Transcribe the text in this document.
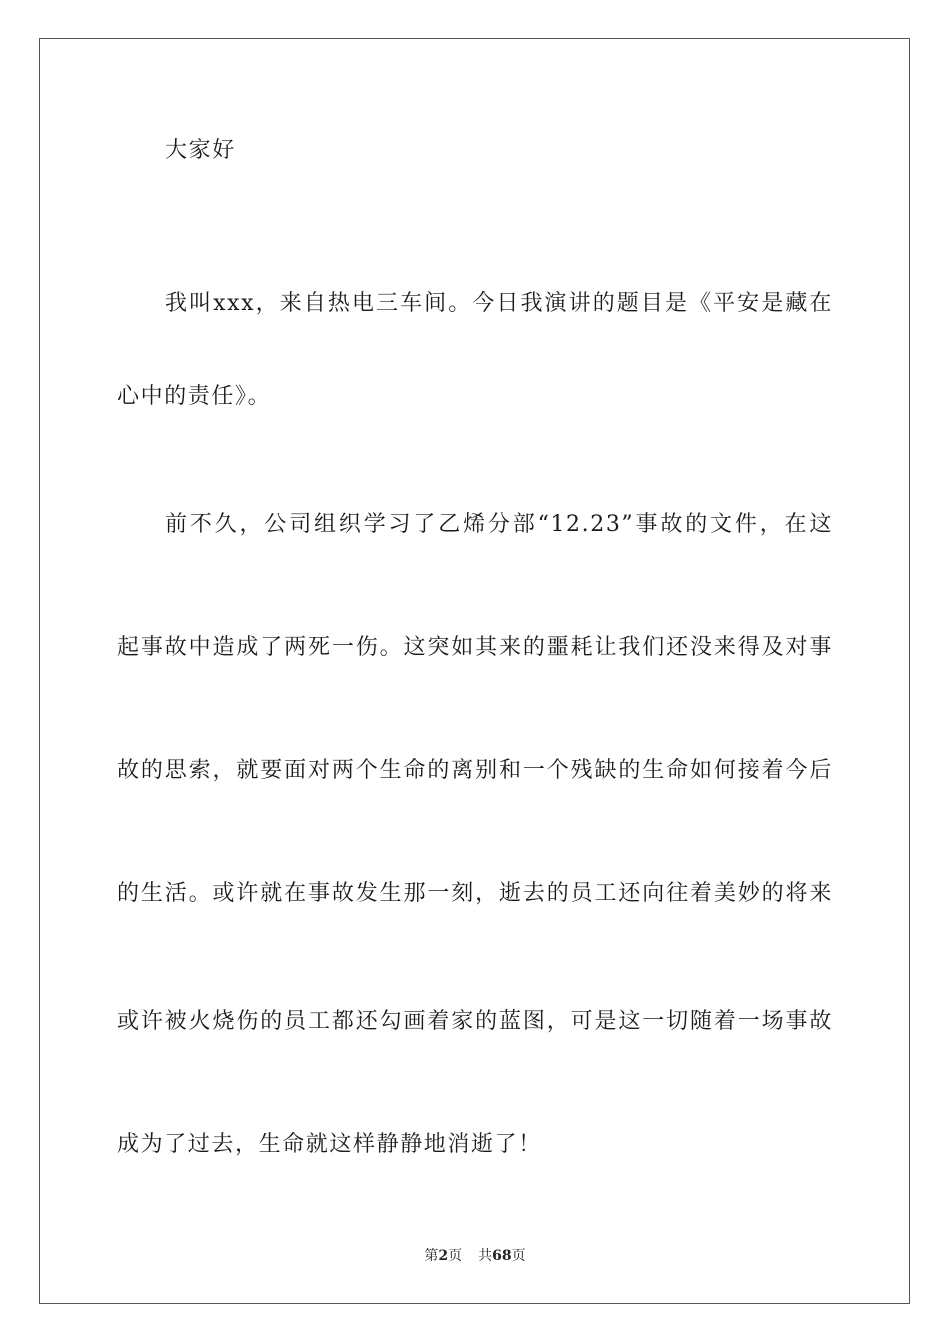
大家好
我叫xxx，来自热电三车间。今日我演讲的题目是《平安是藏在
心中的责任》。
前不久，公司组织学习了乙烯分部“12.23”事故的文件，在这
起事故中造成了两死一伤。这突如其来的噩耗让我们还没来得及对事
故的思索，就要面对两个生命的离别和一个残缺的生命如何接着今后
的生活。或许就在事故发生那一刻，逝去的员工还向往着美妙的将来
或许被火烧伤的员工都还勾画着家的蓝图，可是这一切随着一场事故
成为了过去，生命就这样静静地消逝了！
第2页 共68页
